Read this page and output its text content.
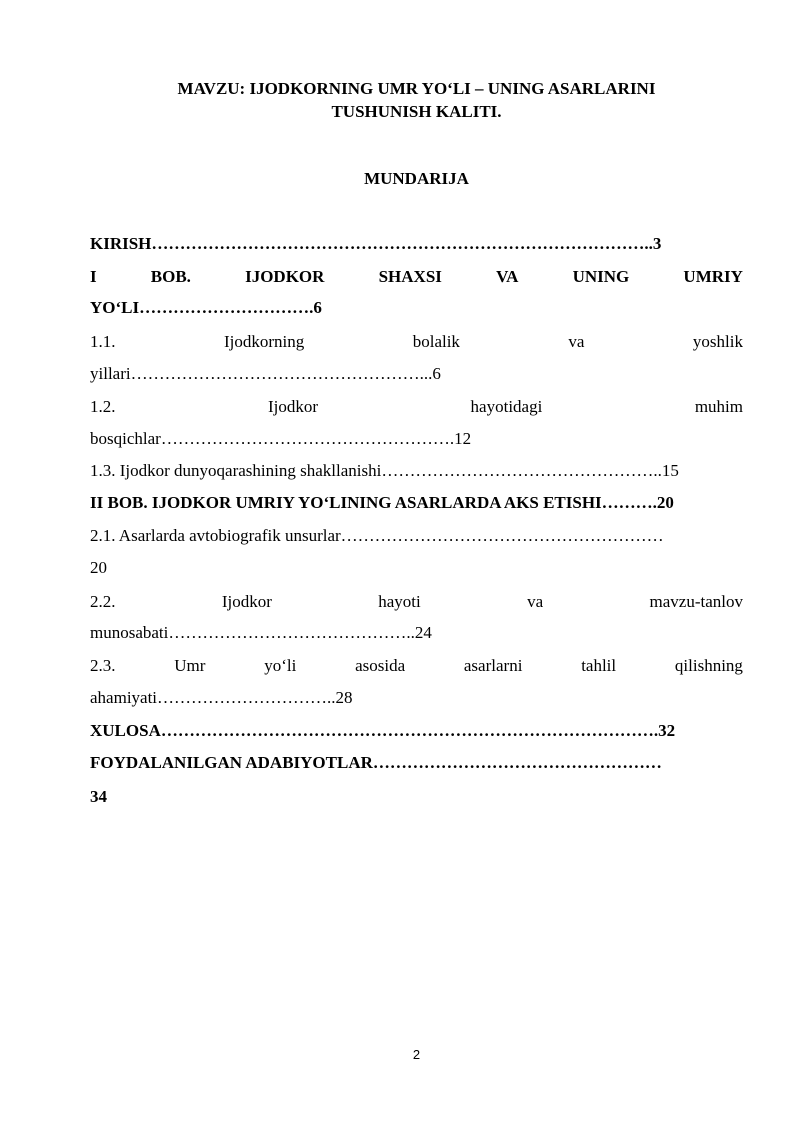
MAVZU: IJODKORNING UMR YO‘LI – UNING ASARLARINI
TUSHUNISH KALITI.
MUNDARIJA
KIRISH……………………………………………………………………………..3
I	BOB.	IJODKOR	SHAXSI	VA	UNING	UMRIY
YO‘LI………………………….6
1.1.	Ijodkorning	bolalik	va	yoshlik
yillari……………………………………………...6
1.2.	Ijodkor	hayotidagi	muhim
bosqichlar…………………………………………….12
1.3. Ijodkor dunyoqarashining shakllanishi…………………………………………..15
II BOB. IJODKOR UMRIY YO‘LINING ASARLARDA AKS ETISHI……….20
2.1. Asarlarda avtobiografik unsurlar…………………………………………………
20
2.2.	Ijodkor	hayoti	va	mavzu-tanlov
munosabati……………………………………..24
2.3.	Umr	yo‘li	asosida	asarlarni	tahlil	qilishning
ahamiyati…………………………..28
XULOSA…………………………………………………………………………….32
FOYDALANILGAN ADABIYOTLAR……………………………………………
34
2
